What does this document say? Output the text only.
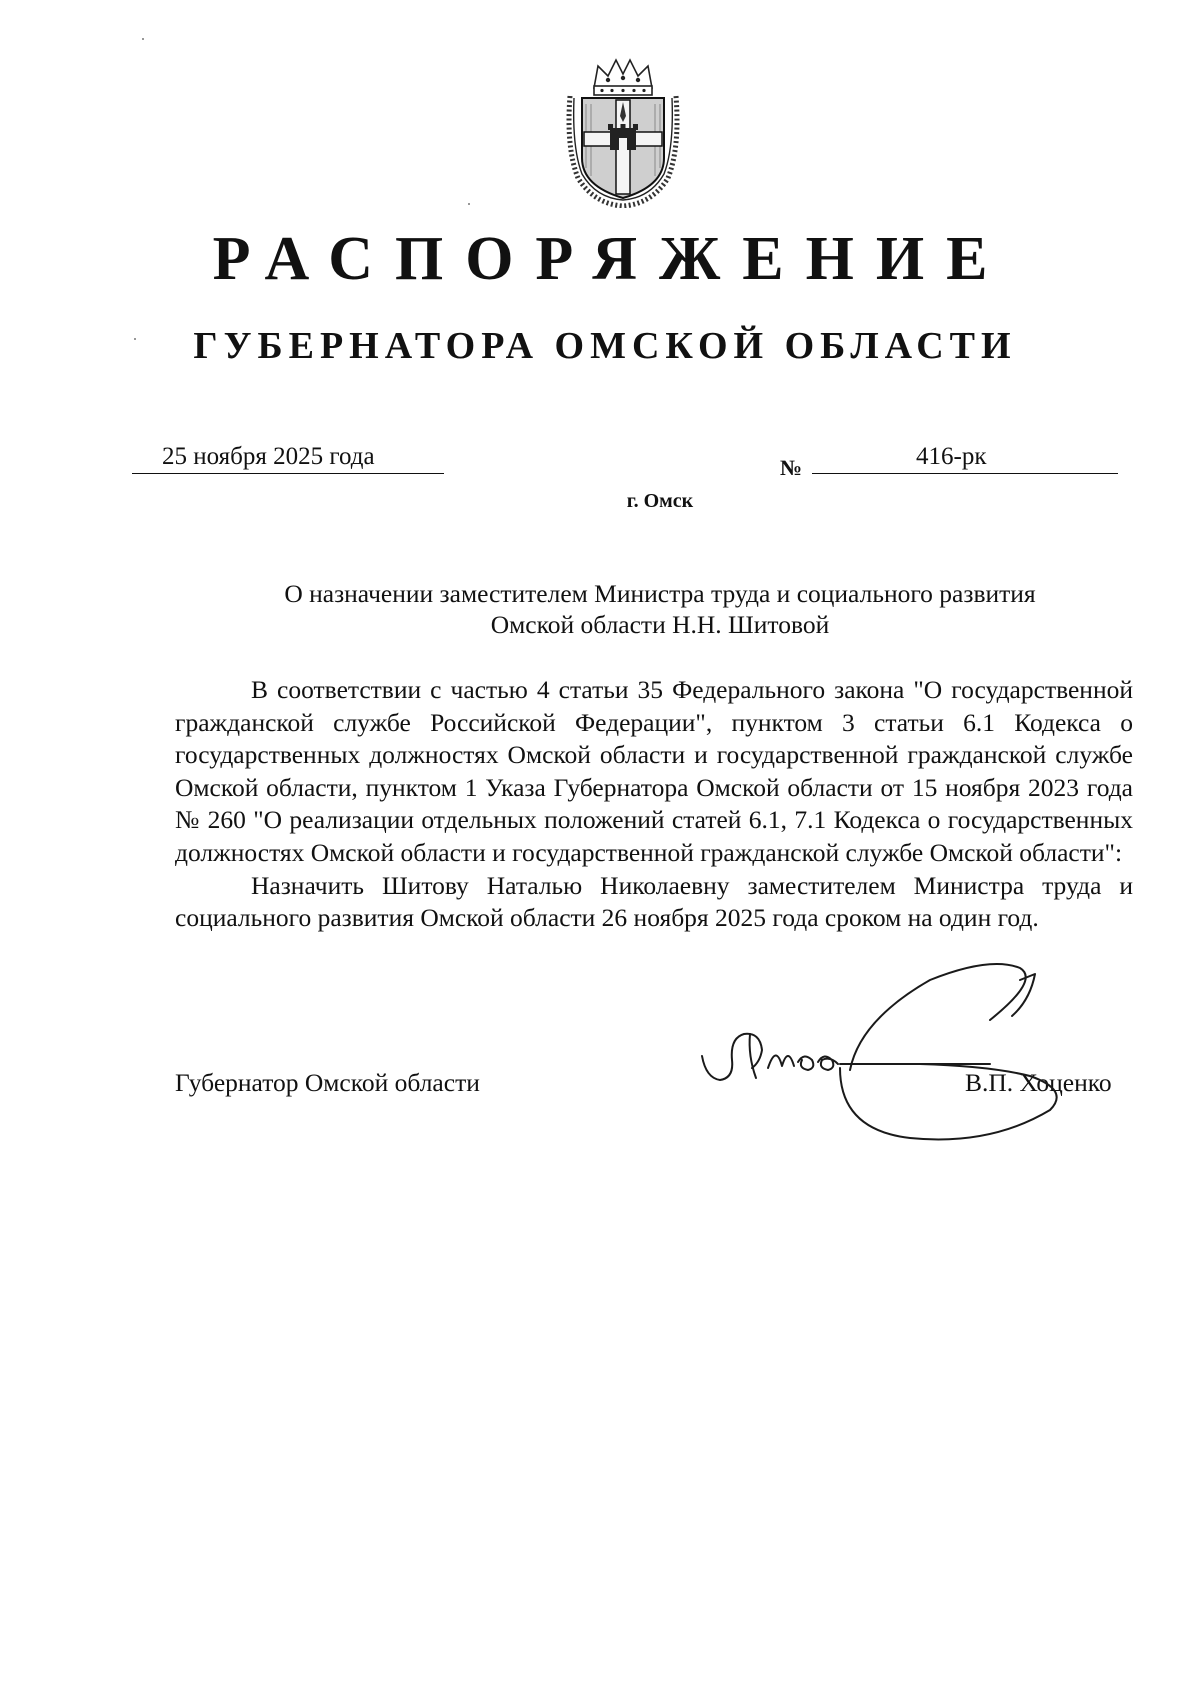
РАСПОРЯЖЕНИЕ
ГУБЕРНАТОРА ОМСКОЙ ОБЛАСТИ
25 ноября 2025 года	№	416-рк
г. Омск
О назначении заместителем Министра труда и социального развития
Омской области Н.Н. Шитовой

В соответствии с частью 4 статьи 35 Федерального закона "О государственной гражданской службе Российской Федерации", пунктом 3 статьи 6.1 Кодекса о государственных должностях Омской области и государственной гражданской службе Омской области, пунктом 1 Указа Губернатора Омской области от 15 ноября 2023 года № 260 "О реализации отдельных положений статей 6.1, 7.1 Кодекса о государственных должностях Омской области и государственной гражданской службе Омской области":

Назначить Шитову Наталью Николаевну заместителем Министра труда и социального развития Омской области 26 ноября 2025 года сроком на один год.

Губернатор Омской области	В.П. Хоценко
